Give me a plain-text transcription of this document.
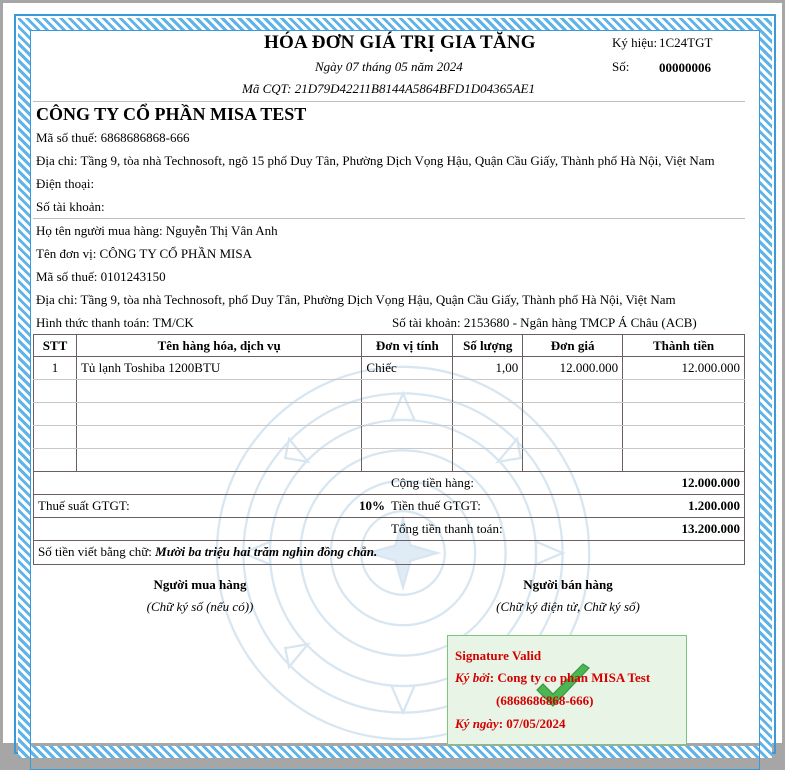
HÓA ĐƠN GIÁ TRỊ GIA TĂNG
Ngày 07 tháng 05 năm 2024
Mã CQT: 21D79D42211B8144A5864BFD1D04365AE1
Ký hiệu: 1C24TGT
Số: 00000006
CÔNG TY CỔ PHẦN MISA TEST
Mã số thuế: 6868686868-666
Địa chỉ: Tầng 9, tòa nhà Technosoft, ngõ 15 phố Duy Tân, Phường Dịch Vọng Hậu, Quận Cầu Giấy, Thành phố Hà Nội, Việt Nam
Điện thoại:
Số tài khoản:
Họ tên người mua hàng: Nguyễn Thị Vân Anh
Tên đơn vị: CÔNG TY CỔ PHẦN MISA
Mã số thuế: 0101243150
Địa chỉ: Tầng 9, tòa nhà Technosoft, phố Duy Tân, Phường Dịch Vọng Hậu, Quận Cầu Giấy, Thành phố Hà Nội, Việt Nam
Hình thức thanh toán: TM/CK	Số tài khoản: 2153680 - Ngân hàng TMCP Á Châu (ACB)
STT	Tên hàng hóa, dịch vụ	Đơn vị tính	Số lượng	Đơn giá	Thành tiền
1	Tủ lạnh Toshiba 1200BTU	Chiếc	1,00	12.000.000	12.000.000

Cộng tiền hàng:	12.000.000
Thuế suất GTGT:	10% Tiền thuế GTGT:	1.200.000
Tổng tiền thanh toán:	13.200.000
Số tiền viết bằng chữ: Mười ba triệu hai trăm nghìn đồng chẵn.
Người mua hàng
(Chữ ký số (nếu có))
Người bán hàng
(Chữ ký điện tử, Chữ ký số)
Signature Valid
Ký bởi: Cong ty co phan MISA Test
(6868686868-666)
Ký ngày: 07/05/2024
